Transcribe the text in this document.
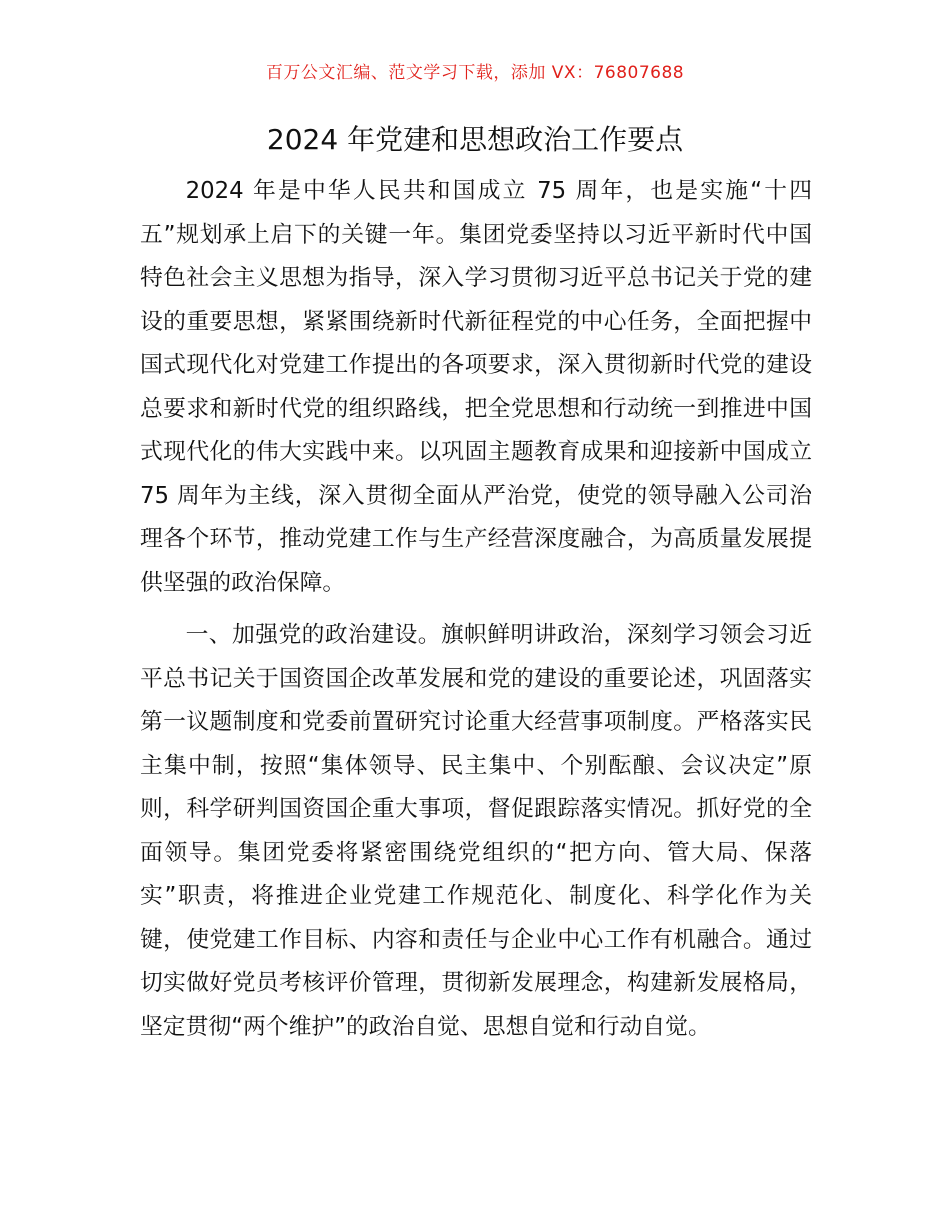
百万公文汇编、范文学习下载，添加 VX：76807688
2024 年党建和思想政治工作要点

2024 年是中华人民共和国成立 75 周年，也是实施“十四五”规划承上启下的关键一年。集团党委坚持以习近平新时代中国特色社会主义思想为指导，深入学习贯彻习近平总书记关于党的建设的重要思想，紧紧围绕新时代新征程党的中心任务，全面把握中国式现代化对党建工作提出的各项要求，深入贯彻新时代党的建设总要求和新时代党的组织路线，把全党思想和行动统一到推进中国式现代化的伟大实践中来。以巩固主题教育成果和迎接新中国成立 75 周年为主线，深入贯彻全面从严治党，使党的领导融入公司治理各个环节，推动党建工作与生产经营深度融合，为高质量发展提供坚强的政治保障。

一、加强党的政治建设。旗帜鲜明讲政治，深刻学习领会习近平总书记关于国资国企改革发展和党的建设的重要论述，巩固落实第一议题制度和党委前置研究讨论重大经营事项制度。严格落实民主集中制，按照“集体领导、民主集中、个别酝酿、会议决定”原则，科学研判国资国企重大事项，督促跟踪落实情况。抓好党的全面领导。集团党委将紧密围绕党组织的“把方向、管大局、保落实”职责，将推进企业党建工作规范化、制度化、科学化作为关键，使党建工作目标、内容和责任与企业中心工作有机融合。通过切实做好党员考核评价管理，贯彻新发展理念，构建新发展格局，坚定贯彻“两个维护”的政治自觉、思想自觉和行动自觉。
